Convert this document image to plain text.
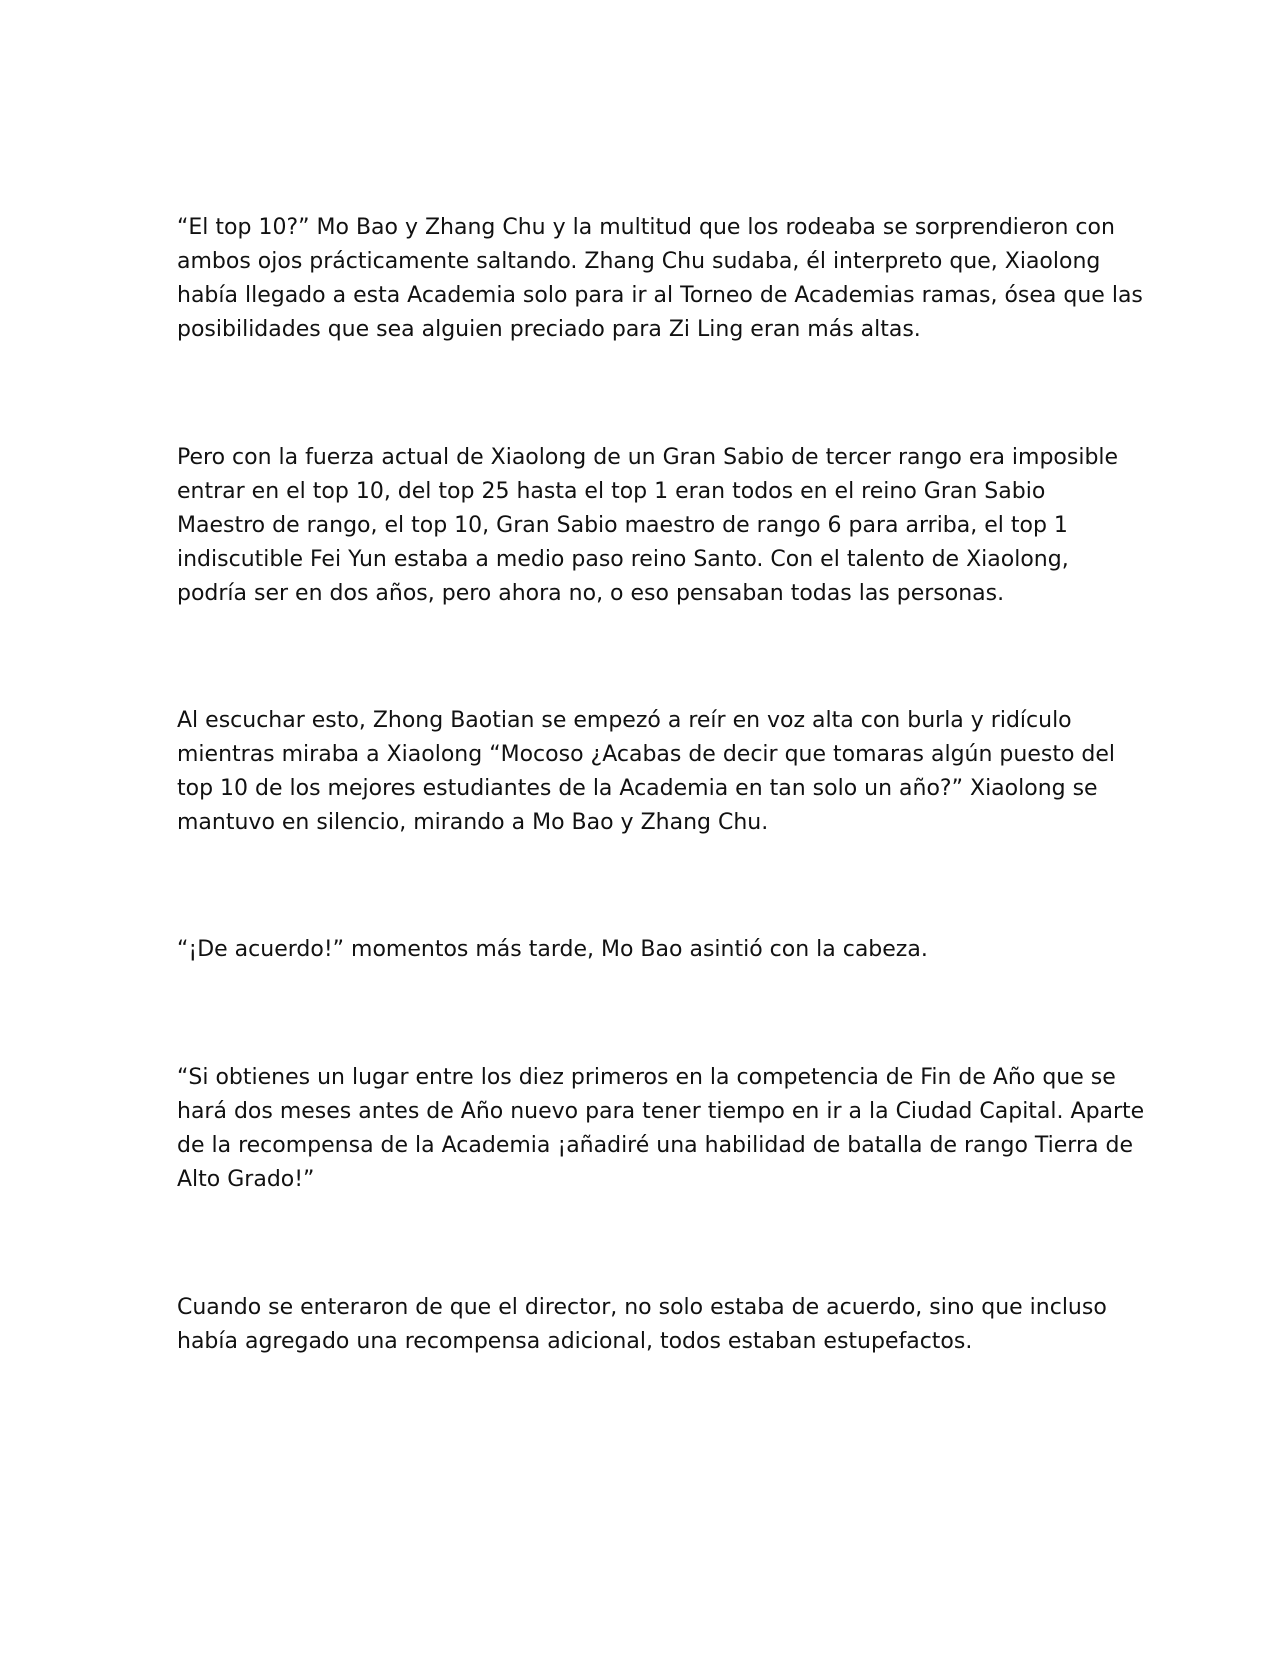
“El top 10?” Mo Bao y Zhang Chu y la multitud que los rodeaba se sorprendieron con
ambos ojos prácticamente saltando. Zhang Chu sudaba, él interpreto que, Xiaolong
había llegado a esta Academia solo para ir al Torneo de Academias ramas, ósea que las
posibilidades que sea alguien preciado para Zi Ling eran más altas.

Pero con la fuerza actual de Xiaolong de un Gran Sabio de tercer rango era imposible
entrar en el top 10, del top 25 hasta el top 1 eran todos en el reino Gran Sabio
Maestro de rango, el top 10, Gran Sabio maestro de rango 6 para arriba, el top 1
indiscutible Fei Yun estaba a medio paso reino Santo. Con el talento de Xiaolong,
podría ser en dos años, pero ahora no, o eso pensaban todas las personas.

Al escuchar esto, Zhong Baotian se empezó a reír en voz alta con burla y ridículo
mientras miraba a Xiaolong “Mocoso ¿Acabas de decir que tomaras algún puesto del
top 10 de los mejores estudiantes de la Academia en tan solo un año?” Xiaolong se
mantuvo en silencio, mirando a Mo Bao y Zhang Chu.

“¡De acuerdo!” momentos más tarde, Mo Bao asintió con la cabeza.

“Si obtienes un lugar entre los diez primeros en la competencia de Fin de Año que se
hará dos meses antes de Año nuevo para tener tiempo en ir a la Ciudad Capital. Aparte
de la recompensa de la Academia ¡añadiré una habilidad de batalla de rango Tierra de
Alto Grado!”

Cuando se enteraron de que el director, no solo estaba de acuerdo, sino que incluso
había agregado una recompensa adicional, todos estaban estupefactos.
